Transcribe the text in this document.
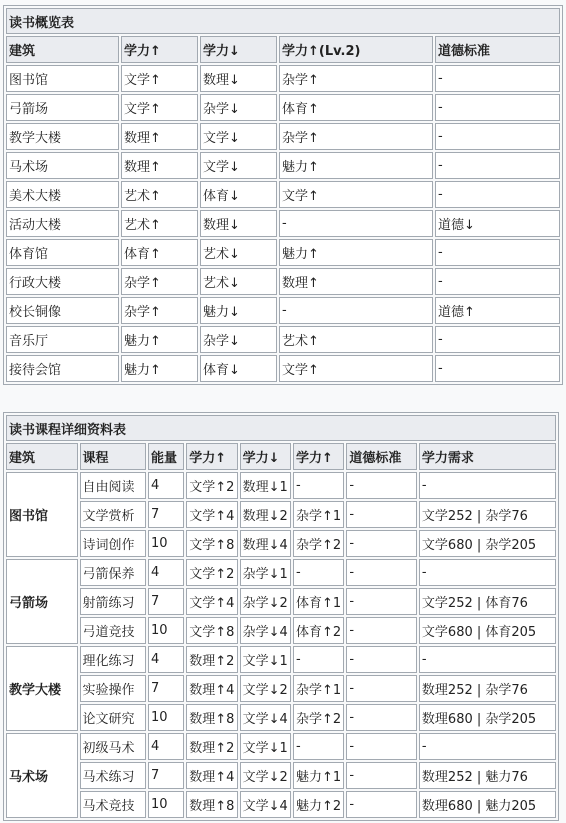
读书概览表				
建筑	学力↑	学力↓	学力↑(Lv.2)	道德标准
图书馆	文学↑	数理↓	杂学↑	-
弓箭场	文学↑	杂学↓	体育↑	-
教学大楼	数理↑	文学↓	杂学↑	-
马术场	数理↑	文学↓	魅力↑	-
美术大楼	艺术↑	体育↓	文学↑	-
活动大楼	艺术↑	数理↓	-	道德↓
体育馆	体育↑	艺术↓	魅力↑	-
行政大楼	杂学↑	艺术↓	数理↑	-
校长铜像	杂学↑	魅力↓	-	道德↑
音乐厅	魅力↑	杂学↓	艺术↑	-
接待会馆	魅力↑	体育↓	文学↑	-
读书课程详细资料表							
建筑	课程	能量	学力↑	学力↓	学力↑	道德标准	学力需求
图书馆	自由阅读	4	文学↑2	数理↓1	-	-	-
	文学赏析	7	文学↑4	数理↓2	杂学↑1	-	文学252 | 杂学76
	诗词创作	10	文学↑8	数理↓4	杂学↑2	-	文学680 | 杂学205
弓箭场	弓箭保养	4	文学↑2	杂学↓1	-	-	-
	射箭练习	7	文学↑4	杂学↓2	体育↑1	-	文学252 | 体育76
	弓道竞技	10	文学↑8	杂学↓4	体育↑2	-	文学680 | 体育205
教学大楼	理化练习	4	数理↑2	文学↓1	-	-	-
	实验操作	7	数理↑4	文学↓2	杂学↑1	-	数理252 | 杂学76
	论文研究	10	数理↑8	文学↓4	杂学↑2	-	数理680 | 杂学205
马术场	初级马术	4	数理↑2	文学↓1	-	-	-
	马术练习	7	数理↑4	文学↓2	魅力↑1	-	数理252 | 魅力76
	马术竞技	10	数理↑8	文学↓4	魅力↑2	-	数理680 | 魅力205
